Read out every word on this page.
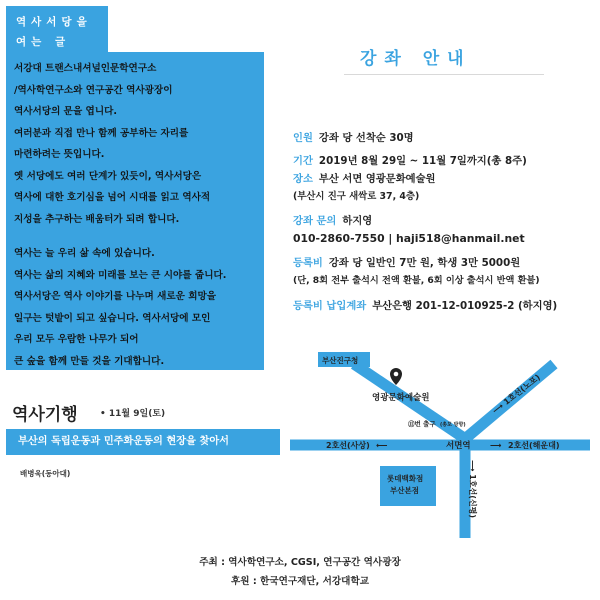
역사서당을
여는 글

서강대 트랜스내셔널인문학연구소

/역사학연구소와 연구공간 역사광장이

역사서당의 문을 엽니다.

여러분과 직접 만나 함께 공부하는 자리를

마련하려는 뜻입니다.

옛 서당에도 여러 단계가 있듯이, 역사서당은

역사에 대한 호기심을 넘어 시대를 읽고 역사적

지성을 추구하는 배움터가 되려 합니다.

역사는 늘 우리 삶 속에 있습니다.

역사는 삶의 지혜와 미래를 보는 큰 시야를 줍니다.

역사서당은 역사 이야기를 나누며 새로운 희망을

일구는 텃밭이 되고 싶습니다. 역사서당에 모인

우리 모두 우람한 나무가 되어

큰 숲을 함께 만들 것을 기대합니다.

강좌 안내
인원 강좌 당 선착순 30명
기간 2019년 8월 29일 ~ 11월 7일까지(총 8주)
장소 부산 서면 영광문화예술원
(부산시 진구 새싹로 37, 4층)
강좌 문의 하지영
010-2860-7550 | haji518@hanmail.net
등록비 강좌 당 일반인 7만 원, 학생 3만 5000원
(단, 8회 전부 출석시 전액 환불, 6회 이상 출석시 반액 환불)
등록비 납입계좌 부산은행 201-12-010925-2 (하지영)
역사기행 • 11월 9일(토)
부산의 독립운동과 민주화운동의 현장을 찾아서
배병욱(동아대)
부산진구청
롯데백화점
부산본점
영광문화예술원
⑪번 출구 (총포 방향)
2호선(사상) ⟵	서면역 ⟶ 2호선(해운대)
⟶ 1호선(노포)
⟶ 1호선(신평)
주최 : 역사학연구소, CGSI, 연구공간 역사광장
후원 : 한국연구재단, 서강대학교
